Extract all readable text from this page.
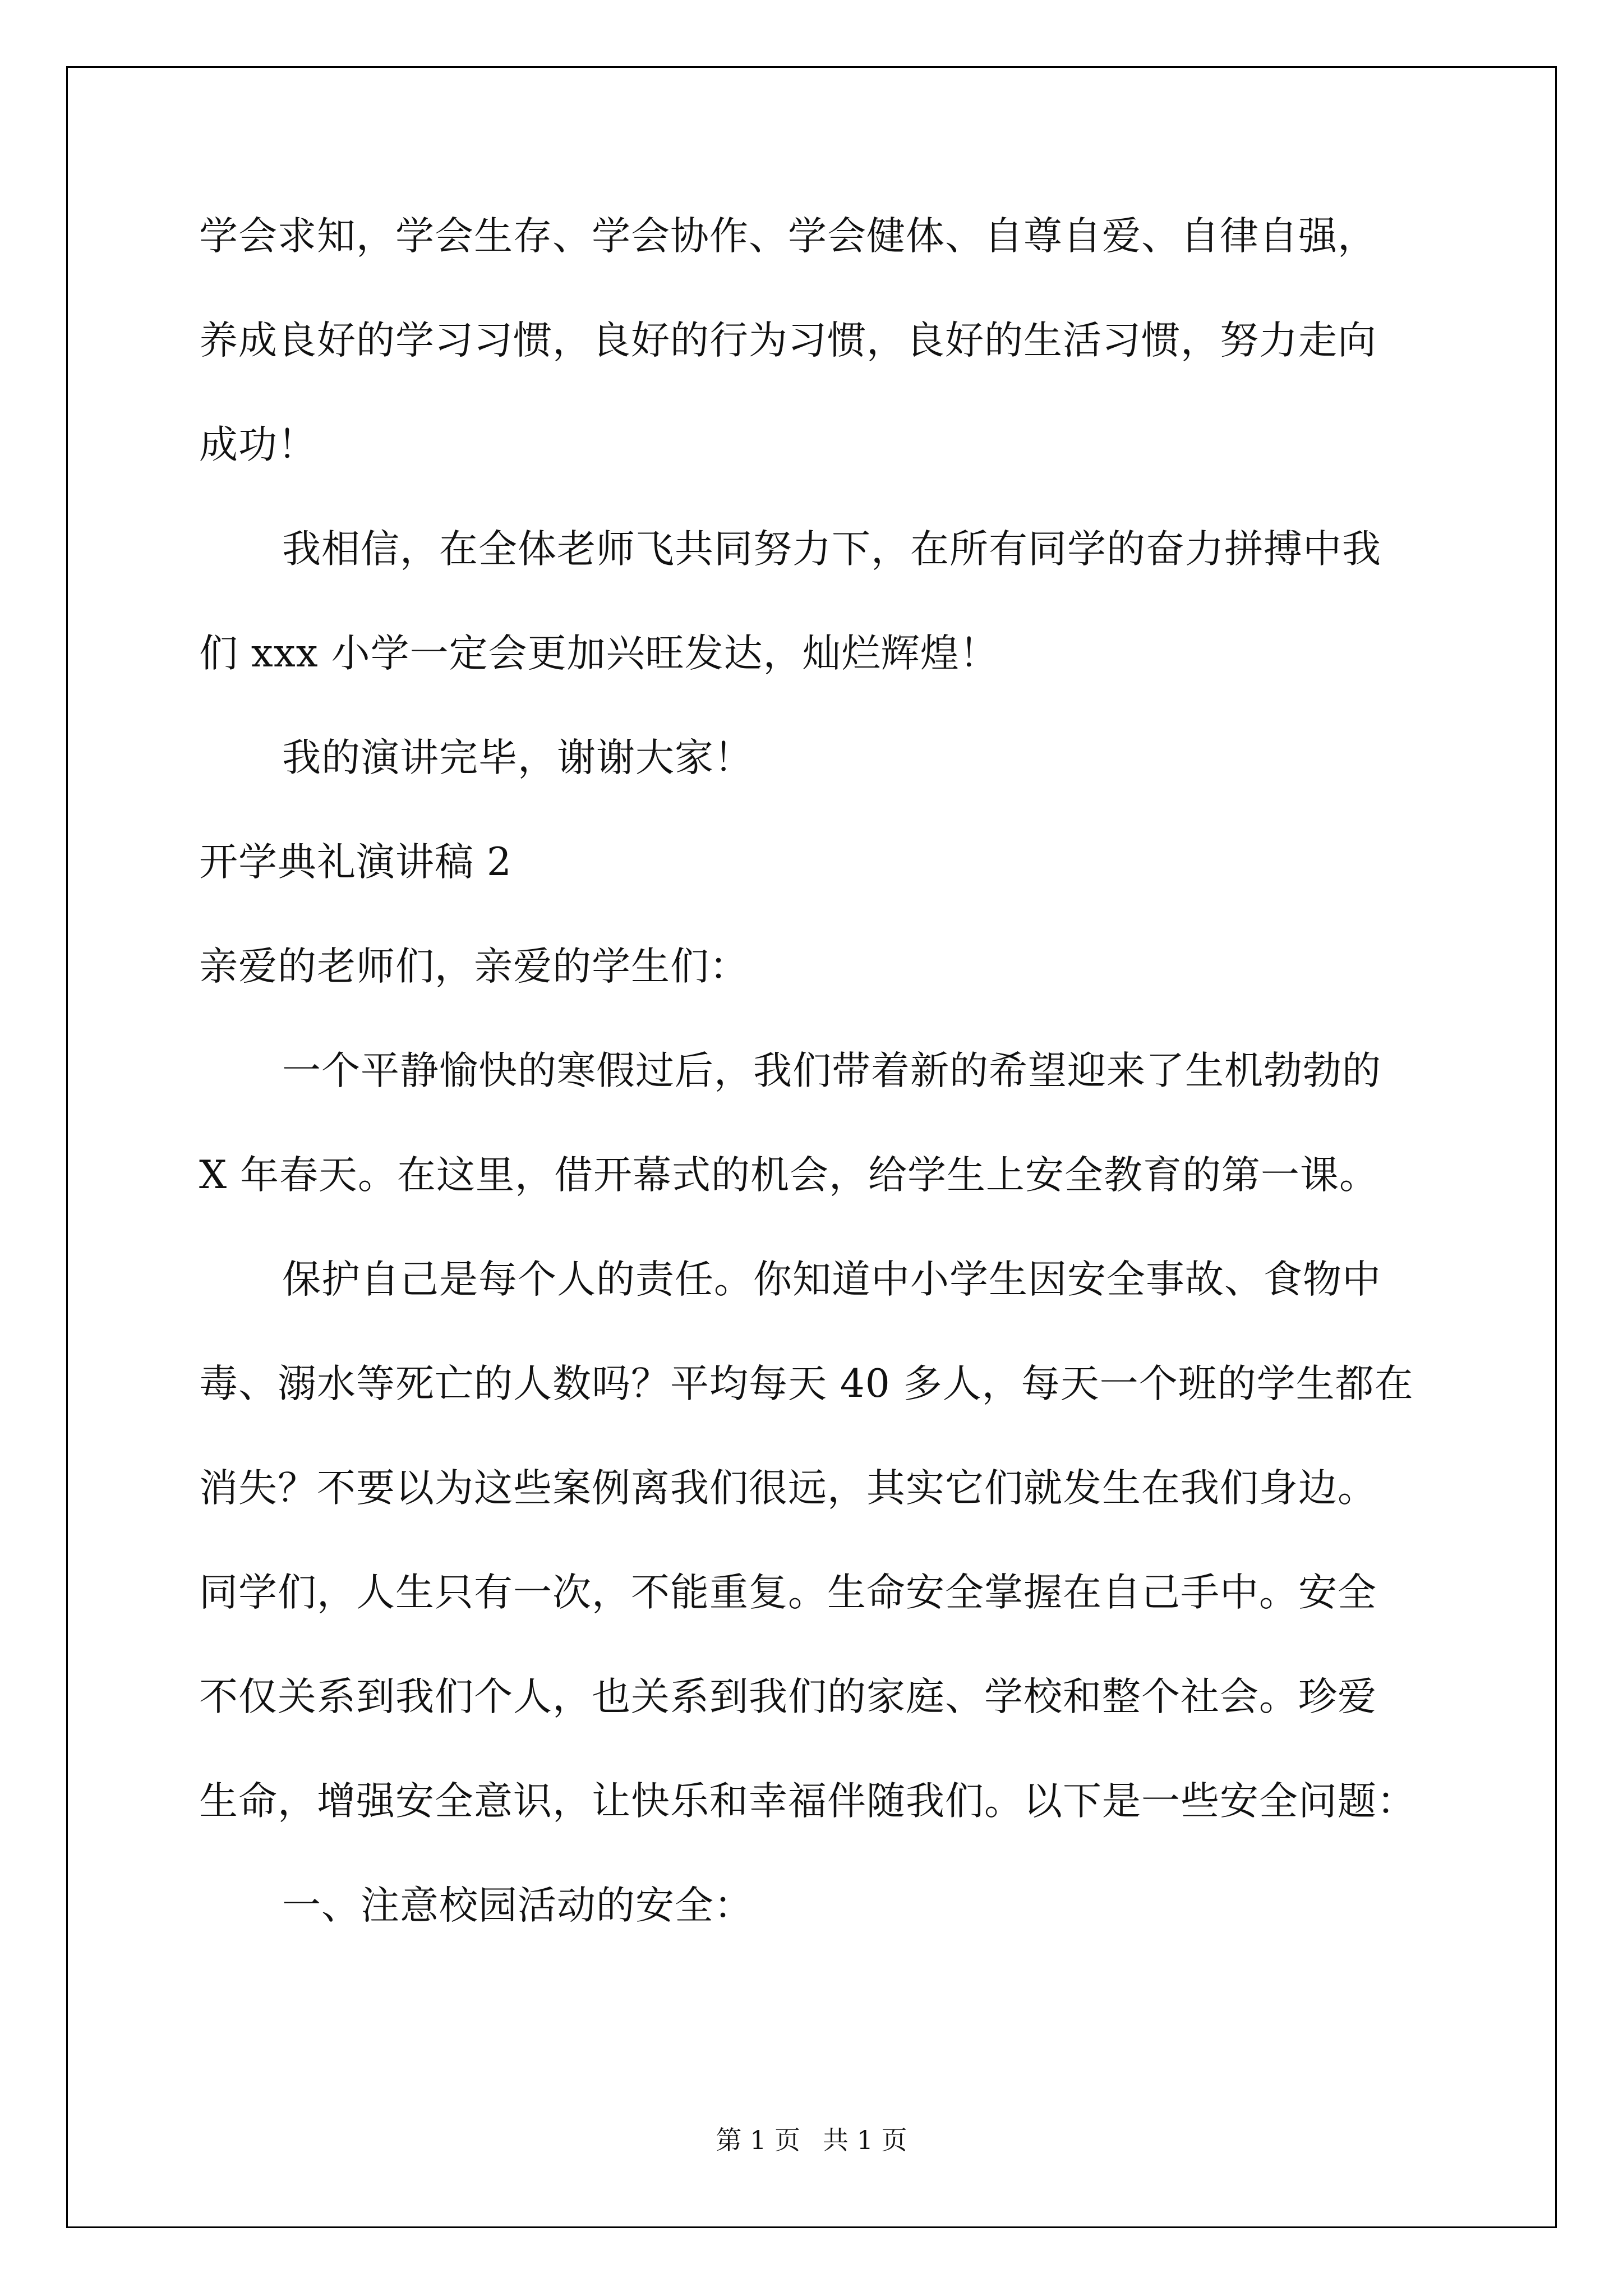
学会求知，学会生存、学会协作、学会健体、自尊自爱、自律自强，
养成良好的学习习惯，良好的行为习惯，良好的生活习惯，努力走向
成功！
我相信，在全体老师飞共同努力下，在所有同学的奋力拼搏中我
们 xxx 小学一定会更加兴旺发达，灿烂辉煌！
我的演讲完毕，谢谢大家！
开学典礼演讲稿 2
亲爱的老师们，亲爱的学生们：
一个平静愉快的寒假过后，我们带着新的希望迎来了生机勃勃的
X 年春天。在这里，借开幕式的机会，给学生上安全教育的第一课。
保护自己是每个人的责任。你知道中小学生因安全事故、食物中
毒、溺水等死亡的人数吗？平均每天 40 多人，每天一个班的学生都在
消失？不要以为这些案例离我们很远，其实它们就发生在我们身边。
同学们，人生只有一次，不能重复。生命安全掌握在自己手中。安全
不仅关系到我们个人，也关系到我们的家庭、学校和整个社会。珍爱
生命，增强安全意识，让快乐和幸福伴随我们。以下是一些安全问题：
一、注意校园活动的安全：
第 1 页 共 1 页
